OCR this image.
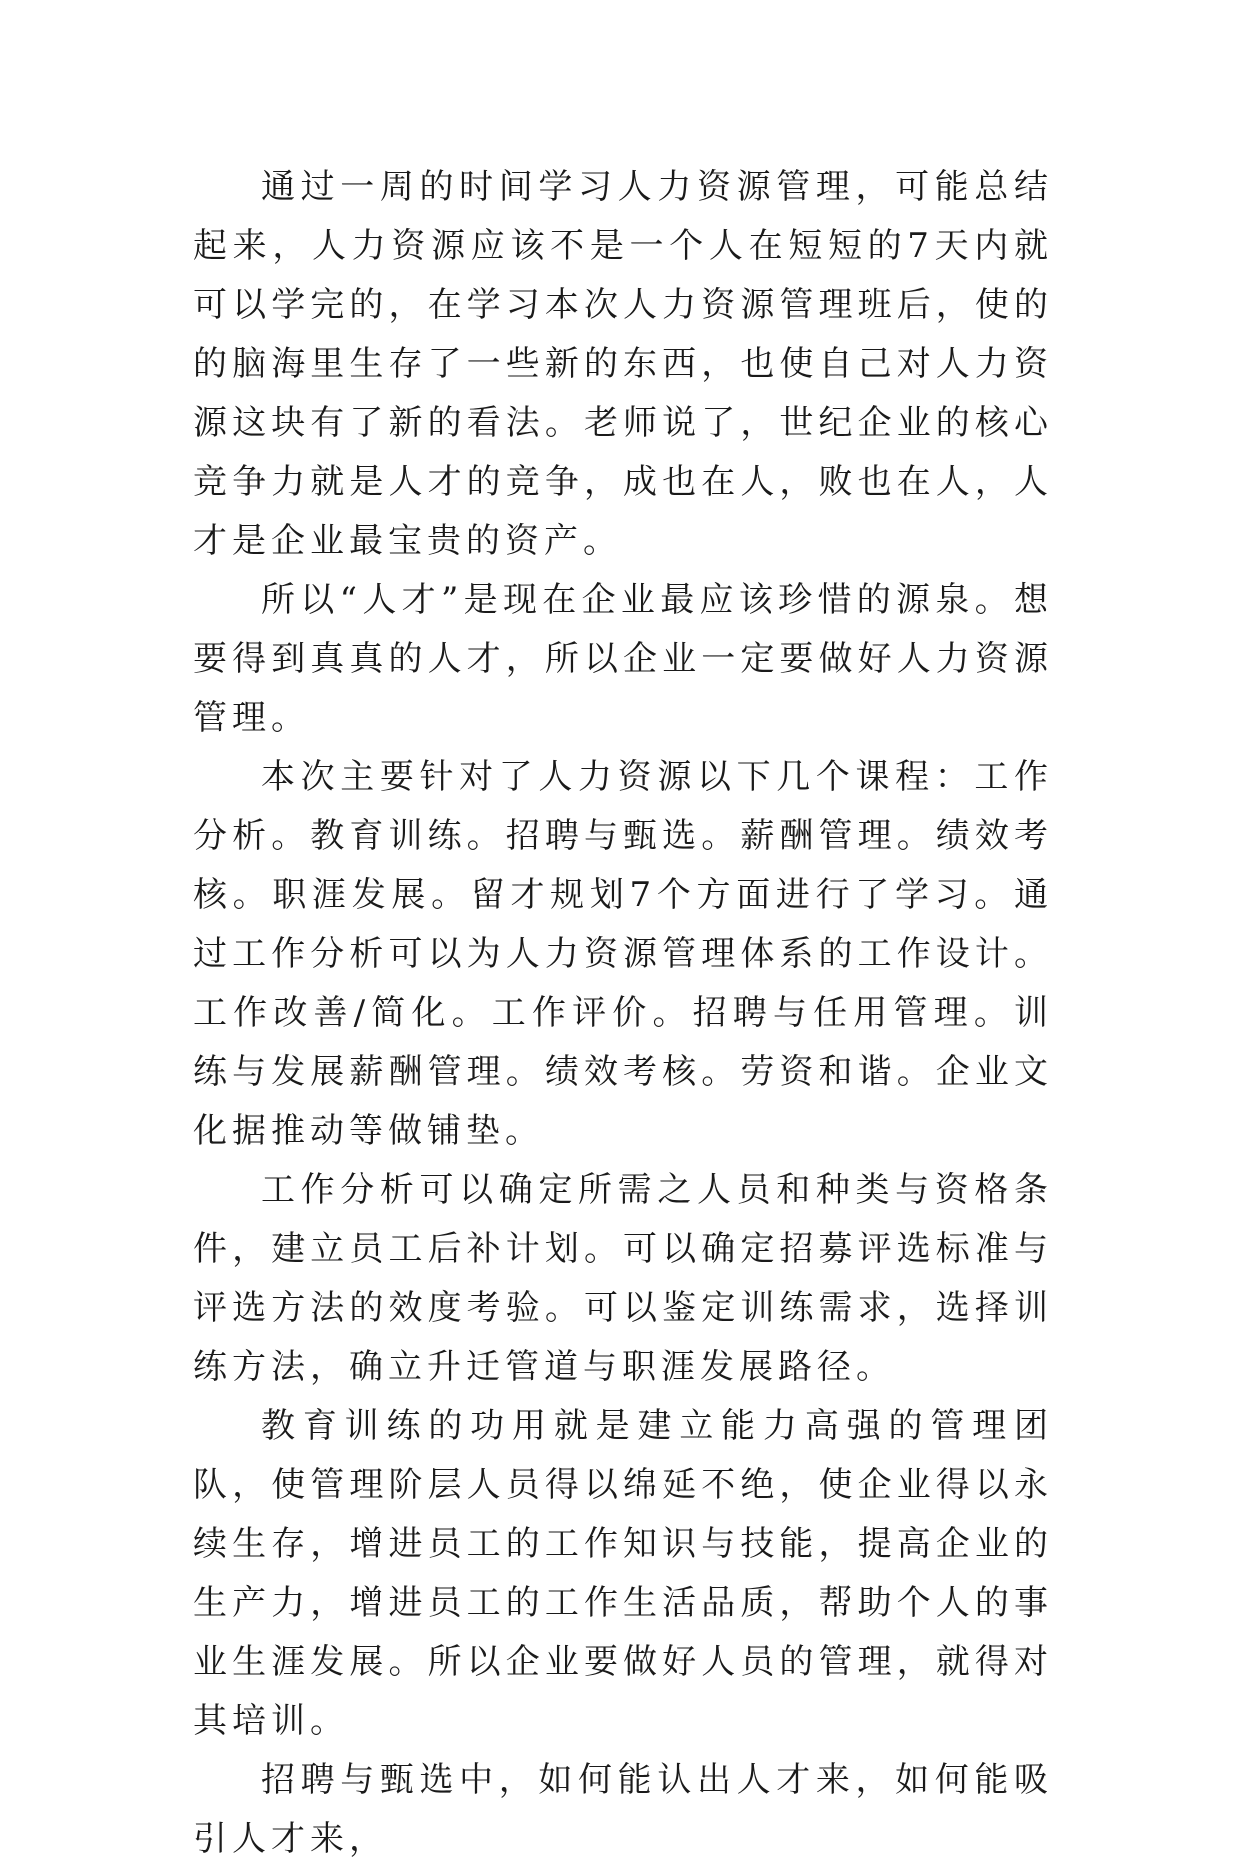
通过一周的时间学习人力资源管理，可能总结起来，人力资源应该不是一个人在短短的7天内就可以学完的，在学习本次人力资源管理班后，使的的脑海里生存了一些新的东西，也使自己对人力资源这块有了新的看法。老师说了，世纪企业的核心竞争力就是人才的竞争，成也在人，败也在人，人才是企业最宝贵的资产。

所以“人才”是现在企业最应该珍惜的源泉。想要得到真真的人才，所以企业一定要做好人力资源管理。

本次主要针对了人力资源以下几个课程：工作分析。教育训练。招聘与甄选。薪酬管理。绩效考核。职涯发展。留才规划7个方面进行了学习。通过工作分析可以为人力资源管理体系的工作设计。工作改善/简化。工作评价。招聘与任用管理。训练与发展薪酬管理。绩效考核。劳资和谐。企业文化据推动等做铺垫。

工作分析可以确定所需之人员和种类与资格条件，建立员工后补计划。可以确定招募评选标准与评选方法的效度考验。可以鉴定训练需求，选择训练方法，确立升迁管道与职涯发展路径。

教育训练的功用就是建立能力高强的管理团队，使管理阶层人员得以绵延不绝，使企业得以永续生存，增进员工的工作知识与技能，提高企业的生产力，增进员工的工作生活品质，帮助个人的事业生涯发展。所以企业要做好人员的管理，就得对其培训。

招聘与甄选中，如何能认出人才来，如何能吸引人才来，
